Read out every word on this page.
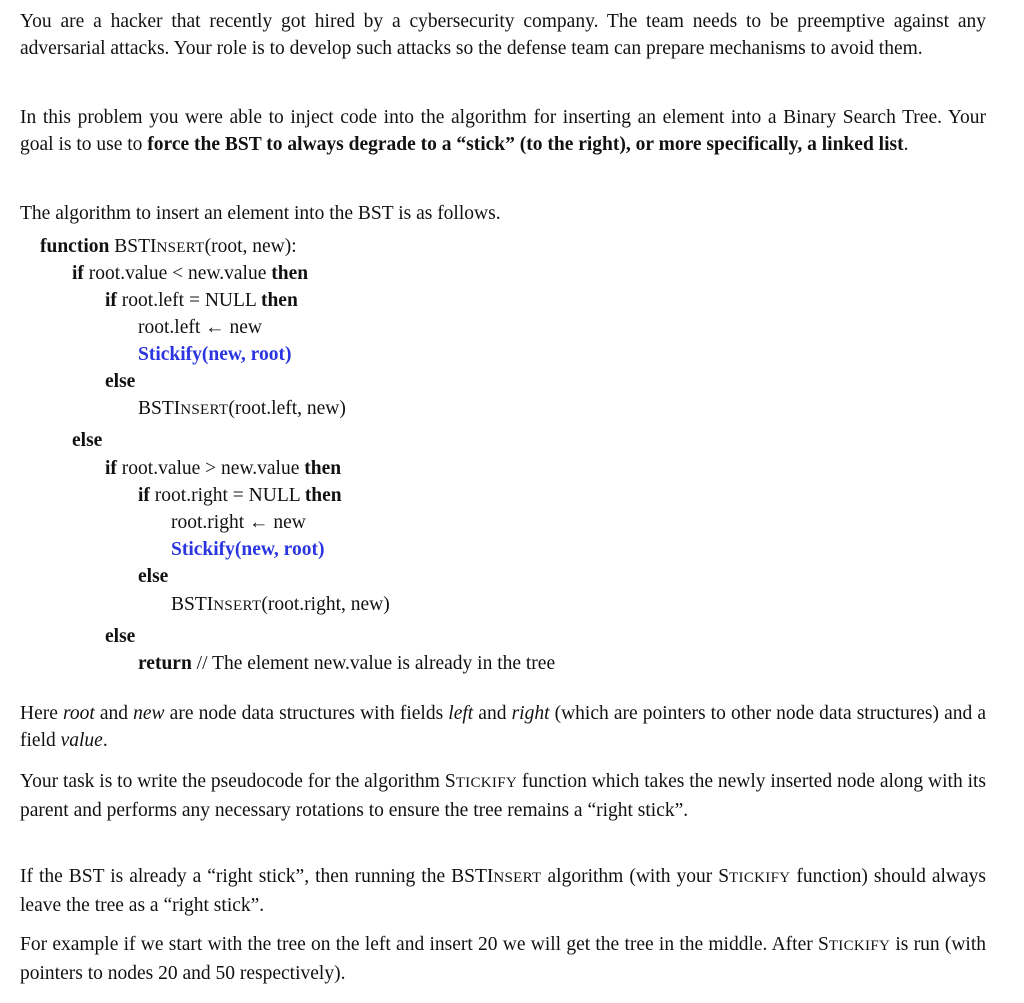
You are a hacker that recently got hired by a cybersecurity company. The team needs to be preemptive against any adversarial attacks. Your role is to develop such attacks so the defense team can prepare mechanisms to avoid them.

In this problem you were able to inject code into the algorithm for inserting an element into a Binary Search Tree. Your goal is to use to force the BST to always degrade to a “stick” (to the right), or more specifically, a linked list.

The algorithm to insert an element into the BST is as follows.

function BSTINSERT(root, new):
if root.value < new.value then
if root.left = NULL then
root.left ← new
Stickify(new, root)
else
BSTINSERT(root.left, new)
else
if root.value > new.value then
if root.right = NULL then
root.right ← new
Stickify(new, root)
else
BSTINSERT(root.right, new)
else
return // The element new.value is already in the tree

Here root and new are node data structures with fields left and right (which are pointers to other node data structures) and a field value.

Your task is to write the pseudocode for the algorithm STICKIFY function which takes the newly inserted node along with its parent and performs any necessary rotations to ensure the tree remains a “right stick”.

If the BST is already a “right stick”, then running the BSTINSERT algorithm (with your STICKIFY function) should always leave the tree as a “right stick”.

For example if we start with the tree on the left and insert 20 we will get the tree in the middle. After STICKIFY is run (with pointers to nodes 20 and 50 respectively).
